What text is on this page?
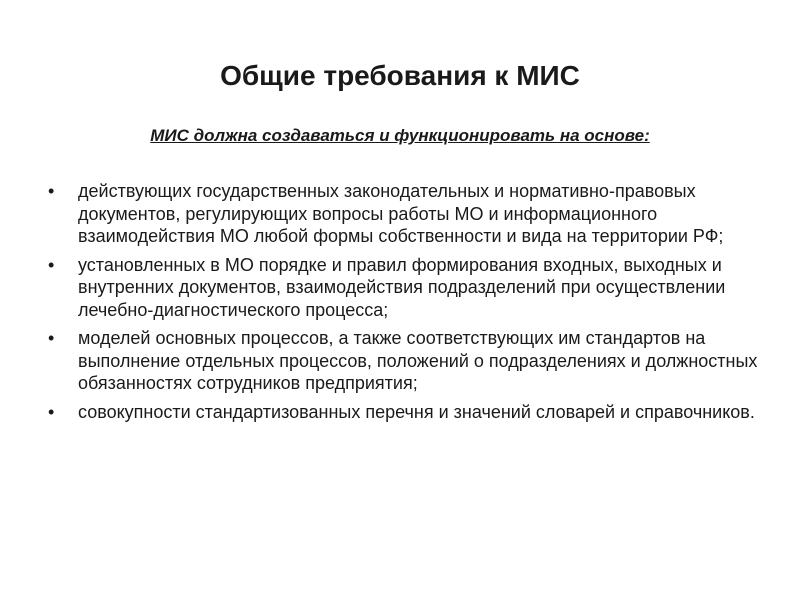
Общие требования к МИС

МИС должна создаваться и функционировать на основе:

• действующих государственных законодательных и нормативно-правовых документов, регулирующих вопросы работы МО и информационного взаимодействия МО любой формы собственности и вида на территории РФ;
• установленных в МО порядке и правил формирования входных, выходных и внутренних документов, взаимодействия подразделений при осуществлении лечебно-диагностического процесса;
• моделей основных процессов, а также соответствующих им стандартов на выполнение отдельных процессов, положений о подразделениях и должностных обязанностях сотрудников предприятия;
• совокупности стандартизованных перечня и значений словарей и справочников.
